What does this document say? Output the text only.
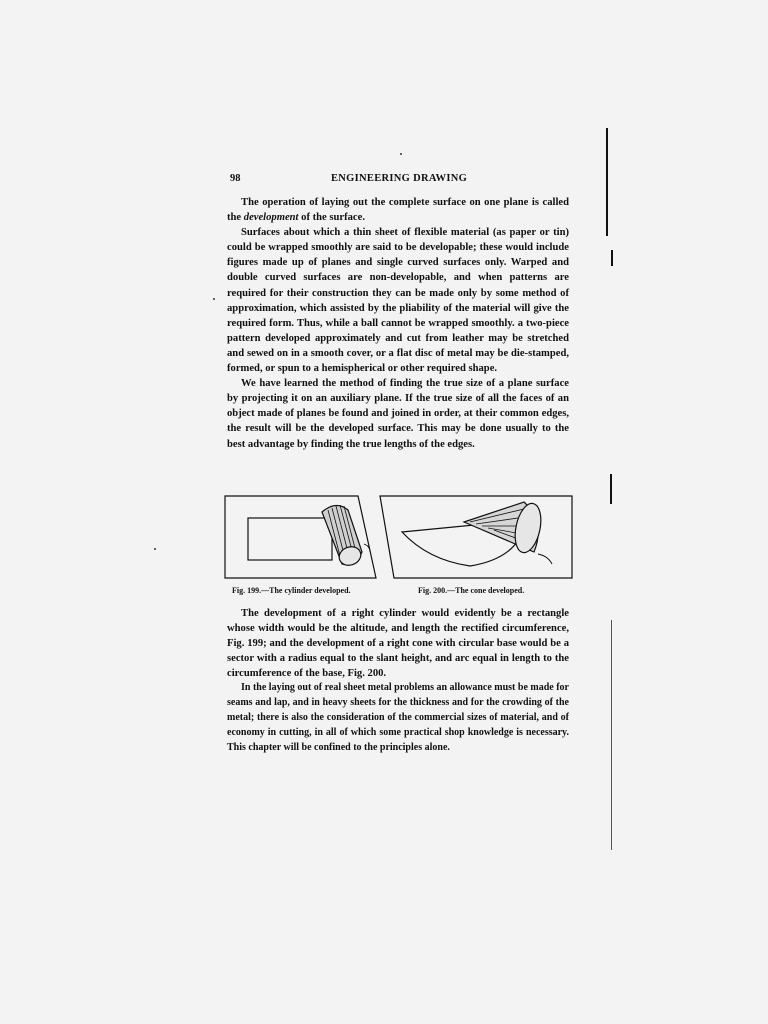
98	ENGINEERING DRAWING

The operation of laying out the complete surface on one plane is called the development of the surface.

Surfaces about which a thin sheet of flexible material (as paper or tin) could be wrapped smoothly are said to be developable; these would include figures made up of planes and single curved surfaces only. Warped and double curved surfaces are non-developable, and when patterns are required for their construction they can be made only by some method of approximation, which assisted by the pliability of the material will give the required form. Thus, while a ball cannot be wrapped smoothly. a two-piece pattern developed approximately and cut from leather may be stretched and sewed on in a smooth cover, or a flat disc of metal may be die-stamped, formed, or spun to a hemispherical or other required shape.

We have learned the method of finding the true size of a plane surface by projecting it on an auxiliary plane. If the true size of all the faces of an object made of planes be found and joined in order, at their common edges, the result will be the developed surface. This may be done usually to the best advantage by finding the true lengths of the edges.

Fig. 199.—The cylinder developed.	Fig. 200.—The cone developed.

The development of a right cylinder would evidently be a rectangle whose width would be the altitude, and length the rectified circumference, Fig. 199; and the development of a right cone with circular base would be a sector with a radius equal to the slant height, and arc equal in length to the circumference of the base, Fig. 200.

In the laying out of real sheet metal problems an allowance must be made for seams and lap, and in heavy sheets for the thickness and for the crowding of the metal; there is also the consideration of the commercial sizes of material, and of economy in cutting, in all of which some practical shop knowledge is necessary. This chapter will be confined to the principles alone.
